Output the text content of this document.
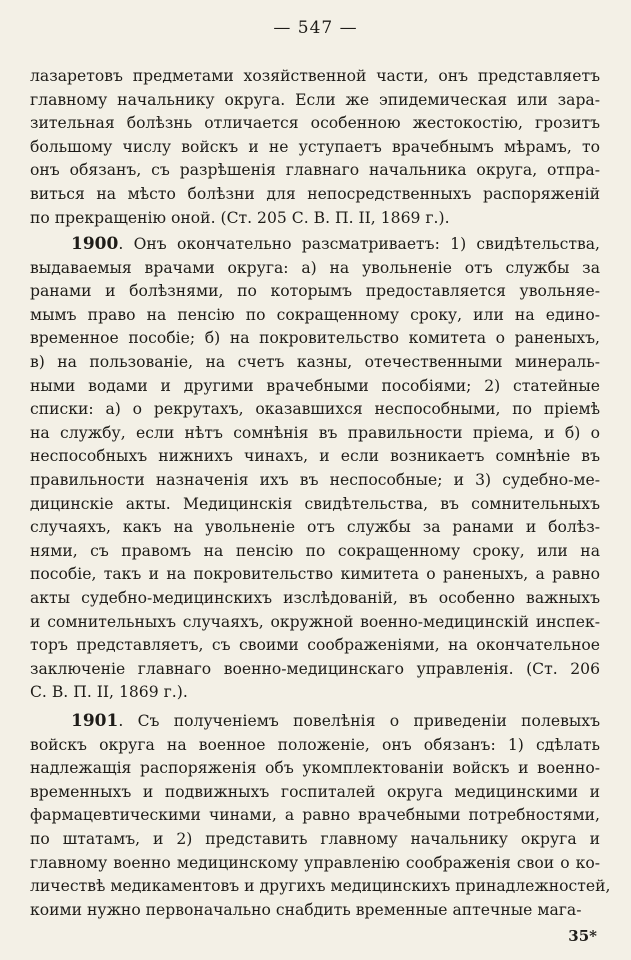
— 547 —

лазаретовъ предметами хозяйственной части, онъ представляетъ
главному начальнику округа. Если же эпидемическая или зара-
зительная болѣзнь отличается особенною жестокостію, грозитъ
большому числу войскъ и не уступаетъ врачебнымъ мѣрамъ, то
онъ обязанъ, съ разрѣшенія главнаго начальника округа, отпра-
виться на мѣсто болѣзни для непосредственныхъ распоряженій
по прекращенію оной. (Ст. 205 С. В. П. II, 1869 г.).

1900. Онъ окончательно разсматриваетъ: 1) свидѣтельства,
выдаваемыя врачами округа: а) на увольненіе отъ службы за
ранами и болѣзнями, по которымъ предоставляется увольняе-
мымъ право на пенсію по сокращенному сроку, или на едино-
временное пособіе; б) на покровительство комитета о раненыхъ,
в) на пользованіе, на счетъ казны, отечественными минераль-
ными водами и другими врачебными пособіями; 2) статейные
списки: а) о рекрутахъ, оказавшихся неспособными, по пріемѣ
на службу, если нѣтъ сомнѣнія въ правильности пріема, и б) о
неспособныхъ нижнихъ чинахъ, и если возникаетъ сомнѣніе въ
правильности назначенія ихъ въ неспособные; и 3) судебно-ме-
дицинскіе акты. Медицинскія свидѣтельства, въ сомнительныхъ
случаяхъ, какъ на увольненіе отъ службы за ранами и болѣз-
нями, съ правомъ на пенсію по сокращенному сроку, или на
пособіе, такъ и на покровительство кимитета о раненыхъ, а равно
акты судебно-медицинскихъ изслѣдованій, въ особенно важныхъ
и сомнительныхъ случаяхъ, окружной военно-медицинскій инспек-
торъ представляетъ, съ своими соображеніями, на окончательное
заключеніе главнаго военно-медицинскаго управленія. (Ст. 206
С. В. П. II, 1869 г.).

1901. Съ полученіемъ повелѣнія о приведеніи полевыхъ
войскъ округа на военное положеніе, онъ обязанъ: 1) сдѣлать
надлежащія распоряженія объ укомплектованіи войскъ и военно-
временныхъ и подвижныхъ госпиталей округа медицинскими и
фармацевтическими чинами, а равно врачебными потребностями,
по штатамъ, и 2) представить главному начальнику округа и
главному военно медицинскому управленію соображенія свои о ко-
личествѣ медикаментовъ и другихъ медицинскихъ принадлежностей,
коими нужно первоначально снабдить временные аптечные мага-

35*
